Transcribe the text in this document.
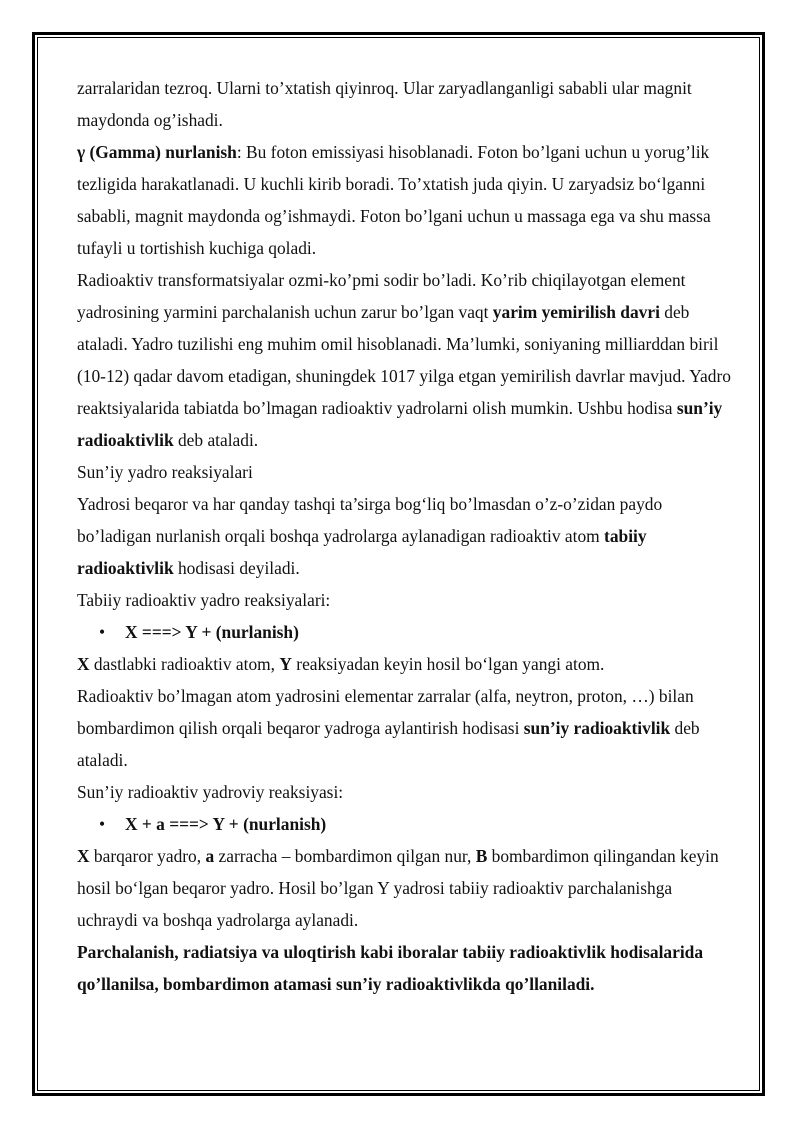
zarralaridan tezroq. Ularni to’xtatish qiyinroq. Ular zaryadlanganligi sababli ular magnit maydonda og’ishadi.

γ (Gamma) nurlanish: Bu foton emissiyasi hisoblanadi. Foton bo’lgani uchun u yorug’lik tezligida harakatlanadi. U kuchli kirib boradi. To’xtatish juda qiyin. U zaryadsiz bo‘lganni sababli, magnit maydonda og’ishmaydi. Foton bo’lgani uchun u massaga ega va shu massa tufayli u tortishish kuchiga qoladi.

Radioaktiv transformatsiyalar ozmi-ko’pmi sodir bo’ladi. Ko’rib chiqilayotgan element yadrosining yarmini parchalanish uchun zarur bo’lgan vaqt yarim yemirilish davri deb ataladi. Yadro tuzilishi eng muhim omil hisoblanadi. Ma’lumki, soniyaning milliarddan biril (10-12) qadar davom etadigan, shuningdek 1017 yilga etgan yemirilish davrlar mavjud. Yadro reaktsiyalarida tabiatda bo’lmagan radioaktiv yadrolarni olish mumkin. Ushbu hodisa sun’iy radioaktivlik deb ataladi.

Sun’iy yadro reaksiyalari

Yadrosi beqaror va har qanday tashqi ta’sirga bog‘liq bo’lmasdan o’z-o’zidan paydo bo’ladigan nurlanish orqali boshqa yadrolarga aylanadigan radioaktiv atom tabiiy radioaktivlik hodisasi deyiladi.

Tabiiy radioaktiv yadro reaksiyalari:

• X ===> Y + (nurlanish)

X dastlabki radioaktiv atom, Y reaksiyadan keyin hosil bo‘lgan yangi atom.

Radioaktiv bo’lmagan atom yadrosini elementar zarralar (alfa, neytron, proton, …) bilan bombardimon qilish orqali beqaror yadroga aylantirish hodisasi sun’iy radioaktivlik deb ataladi.

Sun’iy radioaktiv yadroviy reaksiyasi:

• X + a ===> Y + (nurlanish)

X barqaror yadro, a zarracha – bombardimon qilgan nur, B bombardimon qilingandan keyin hosil bo‘lgan beqaror yadro. Hosil bo’lgan Y yadrosi tabiiy radioaktiv parchalanishga uchraydi va boshqa yadrolarga aylanadi.

Parchalanish, radiatsiya va uloqtirish kabi iboralar tabiiy radioaktivlik hodisalarida qo’llanilsa, bombardimon atamasi sun’iy radioaktivlikda qo’llaniladi.
